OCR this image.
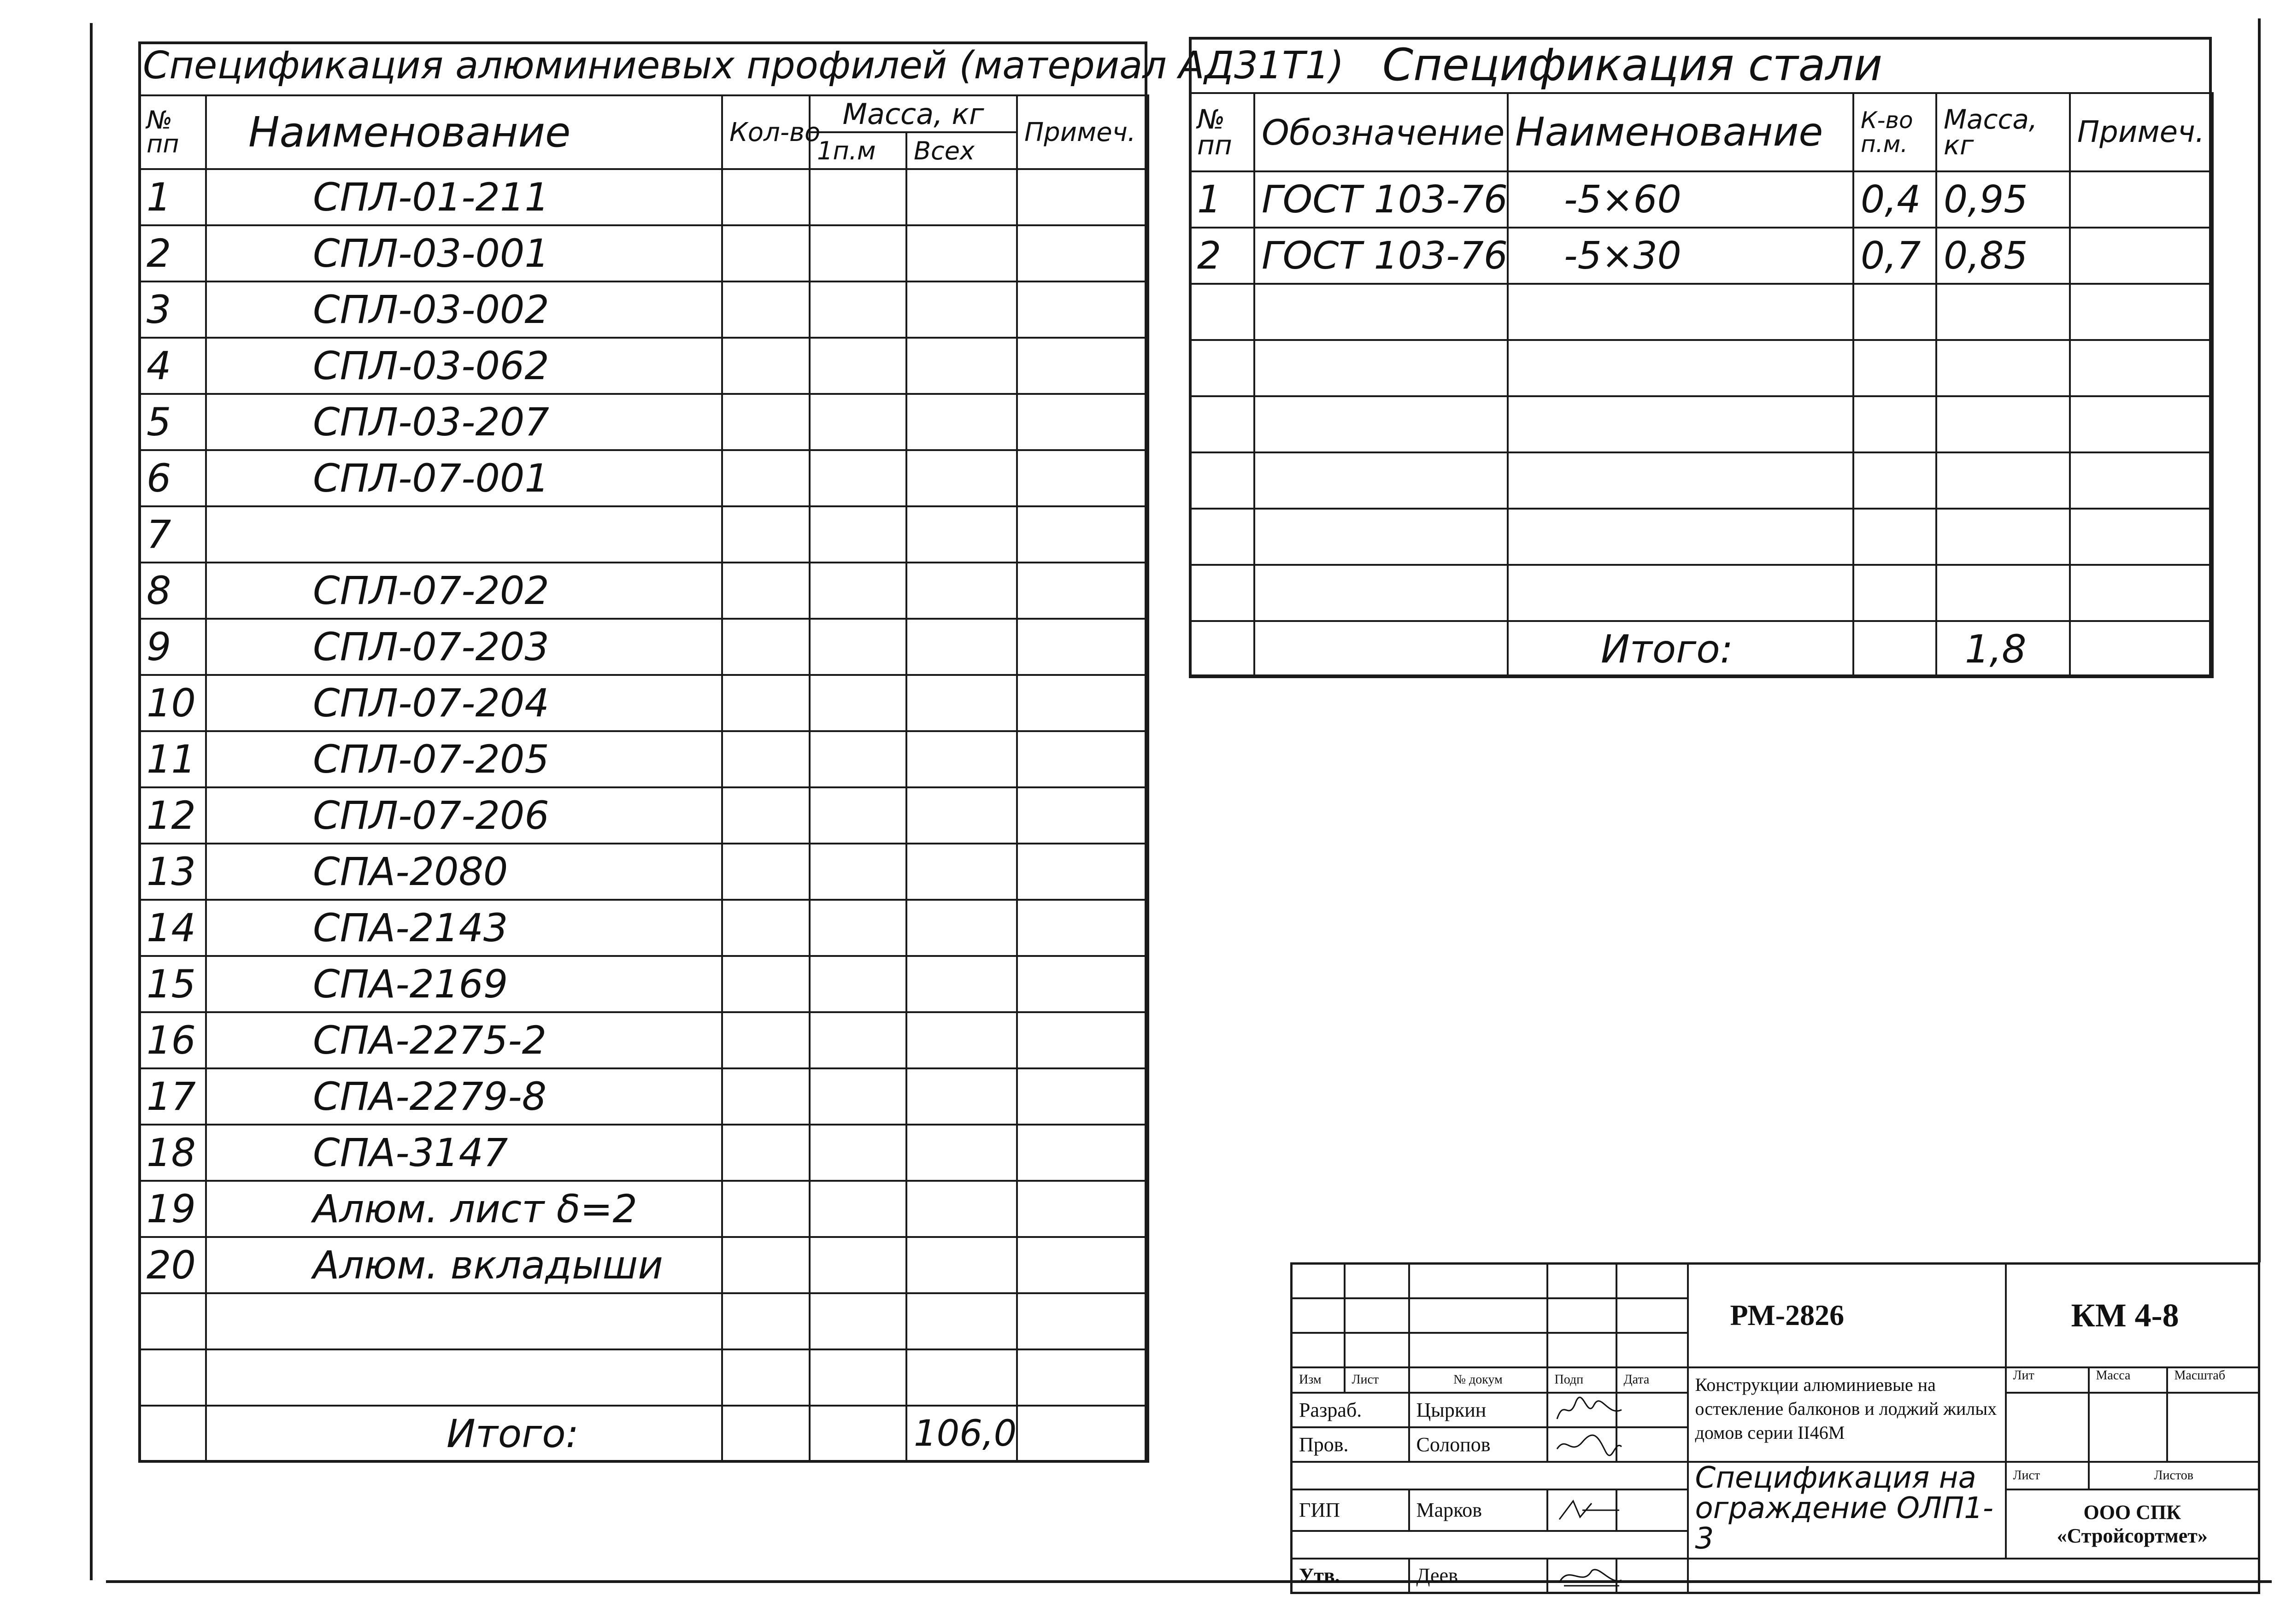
Спецификация алюминиевых профилей (материал АД31Т1)
№ пп	Наименование	Кол-во	Масса, кг		Примеч.
			1п.м	Всех	
1	СПЛ-01-211				
2	СПЛ-03-001				
3	СПЛ-03-002				
4	СПЛ-03-062				
5	СПЛ-03-207				
6	СПЛ-07-001				
7					
8	СПЛ-07-202				
9	СПЛ-07-203				
10	СПЛ-07-204				
11	СПЛ-07-205				
12	СПЛ-07-206				
13	СПА-2080				
14	СПА-2143				
15	СПА-2169				
16	СПА-2275-2				
17	СПА-2279-8				
18	СПА-3147				
19	Алюм. лист δ=2				
20	Алюм. вкладыши				

	Итого:			106,0	
Спецификация стали
№ пп	Обозначение	Наименование	К-во п.м.	Масса, кг	Примеч.
1	ГОСТ 103-76	-5×60	0,4	0,95	
2	ГОСТ 103-76	-5×30	0,7	0,85	

		Итого:		1,8	
					РМ-2826	КМ 4-8		

Изм	Лист	№ докум	Подп	Дата	Конструкции алюминиевые на остекление балконов и лоджий жилых домов серии II46М	Лит	Масса	Масштаб
Разраб.		Цыркин					
Пров.		Солопов		
					Спецификация на ограждение ОЛП1-3	Лист	Листов	
ГИП		Марков				ООО СПК
«Стройсортмет»		

Утв.		Деев			
